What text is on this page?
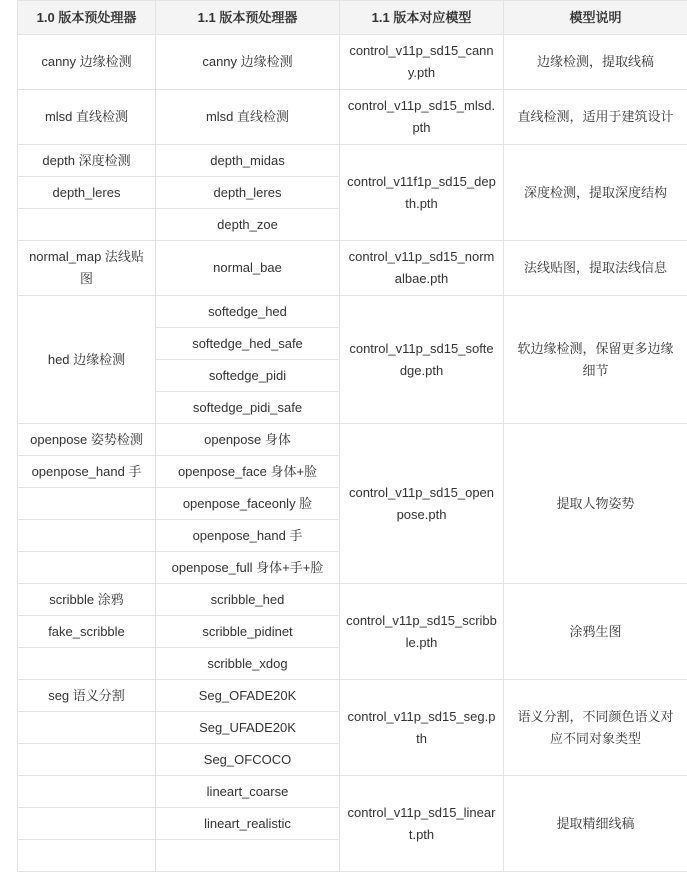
1.0 版本预处理器	1.1 版本预处理器	1.1 版本对应模型	模型说明
canny 边缘检测	canny 边缘检测	control_v11p_sd15_canny.pth	边缘检测，提取线稿
mlsd 直线检测	mlsd 直线检测	control_v11p_sd15_mlsd.pth	直线检测，适用于建筑设计
depth 深度检测	depth_midas	control_v11f1p_sd15_depth.pth	深度检测，提取深度结构
depth_leres	depth_leres		
	depth_zoe		
normal_map 法线贴图	normal_bae	control_v11p_sd15_normalbae.pth	法线贴图，提取法线信息
hed 边缘检测	softedge_hed	control_v11p_sd15_softedge.pth	软边缘检测，保留更多边缘细节
	softedge_hed_safe		
	softedge_pidi		
	softedge_pidi_safe		
openpose 姿势检测	openpose 身体	control_v11p_sd15_openpose.pth	提取人物姿势
openpose_hand 手	openpose_face 身体+脸		
	openpose_faceonly 脸		
	openpose_hand 手		
	openpose_full 身体+手+脸		
scribble 涂鸦	scribble_hed	control_v11p_sd15_scribble.pth	涂鸦生图
fake_scribble	scribble_pidinet		
	scribble_xdog		
seg 语义分割	Seg_OFADE20K	control_v11p_sd15_seg.pth	语义分割，不同颜色语义对应不同对象类型
	Seg_UFADE20K		
	Seg_OFCOCO		
	lineart_coarse	control_v11p_sd15_lineart.pth	提取精细线稿
	lineart_realistic		
